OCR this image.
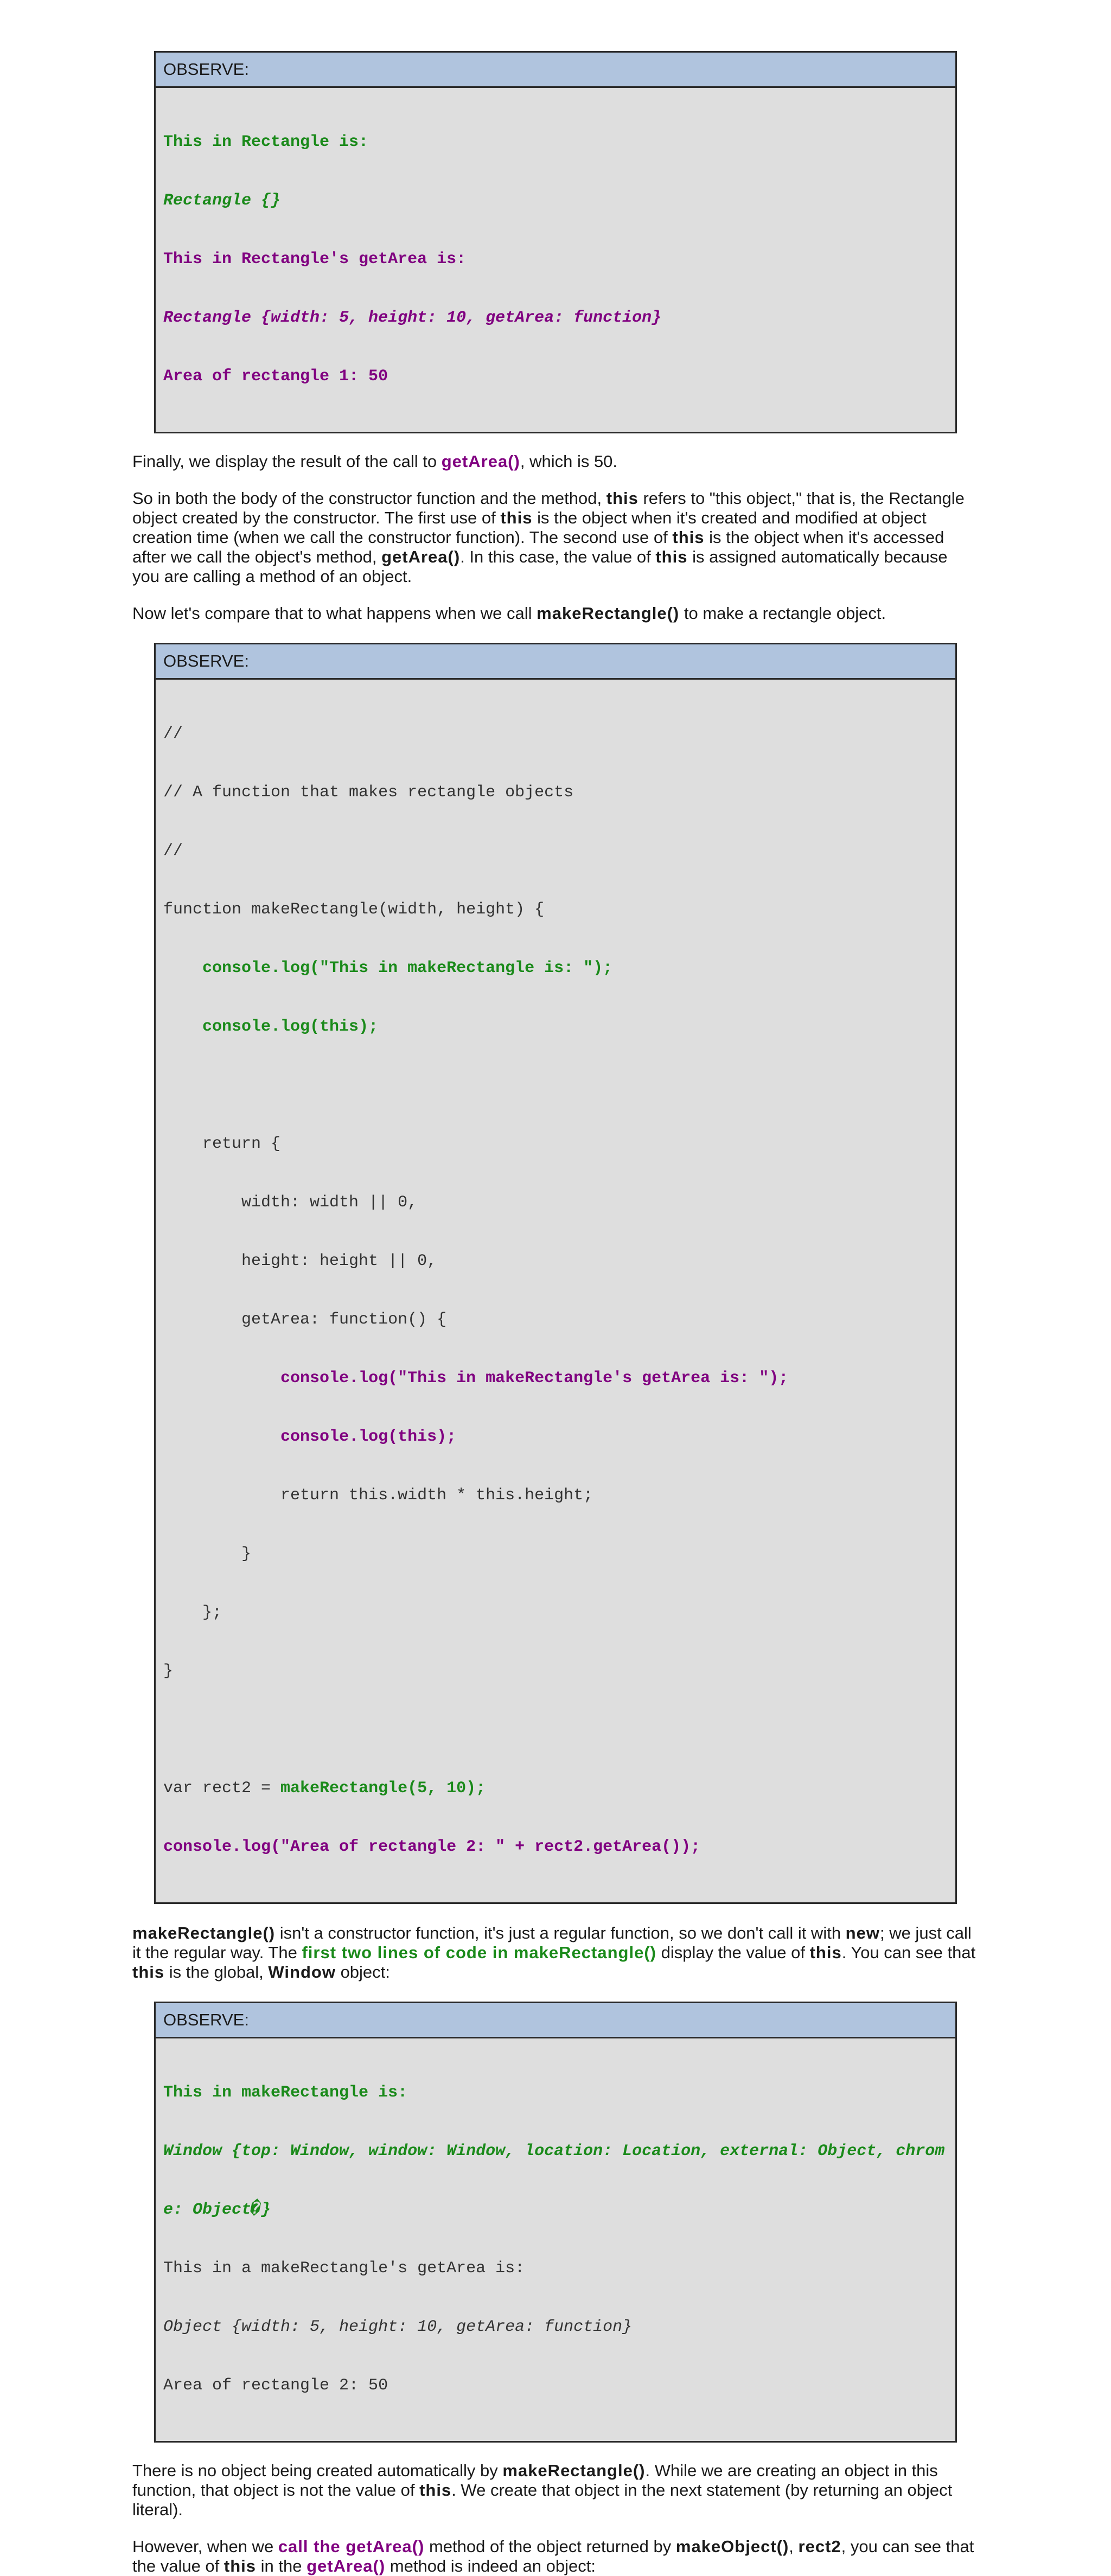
OBSERVE:

This in Rectangle is:

Rectangle {}

This in Rectangle's getArea is:

Rectangle {width: 5, height: 10, getArea: function}

Area of rectangle 1: 50

Finally, we display the result of the call to getArea(), which is 50.

So in both the body of the constructor function and the method, this refers to "this object," that is, the Rectangle object created by the constructor. The first use of this is the object when it's created and modified at object creation time (when we call the constructor function). The second use of this is the object when it's accessed after we call the object's method, getArea(). In this case, the value of this is assigned automatically because you are calling a method of an object.

Now let's compare that to what happens when we call makeRectangle() to make a rectangle object.

OBSERVE:

//

// A function that makes rectangle objects

//

function makeRectangle(width, height) {

console.log("This in makeRectangle is: ");

console.log(this);

return {

width: width || 0,

height: height || 0,

getArea: function() {

console.log("This in makeRectangle's getArea is: ");

console.log(this);

return this.width * this.height;

}

};

}

var rect2 = makeRectangle(5, 10);

console.log("Area of rectangle 2: " + rect2.getArea());

makeRectangle() isn't a constructor function, it's just a regular function, so we don't call it with new; we just call it the regular way. The first two lines of code in makeRectangle() display the value of this. You can see that this is the global, Window object:

OBSERVE:

This in makeRectangle is:

Window {top: Window, window: Window, location: Location, external: Object, chrom

e: Object�}

This in a makeRectangle's getArea is:

Object {width: 5, height: 10, getArea: function}

Area of rectangle 2: 50

There is no object being created automatically by makeRectangle(). While we are creating an object in this function, that object is not the value of this. We create that object in the next statement (by returning an object literal).

However, when we call the getArea() method of the object returned by makeObject(), rect2, you can see that the value of this in the getArea() method is indeed an object:
